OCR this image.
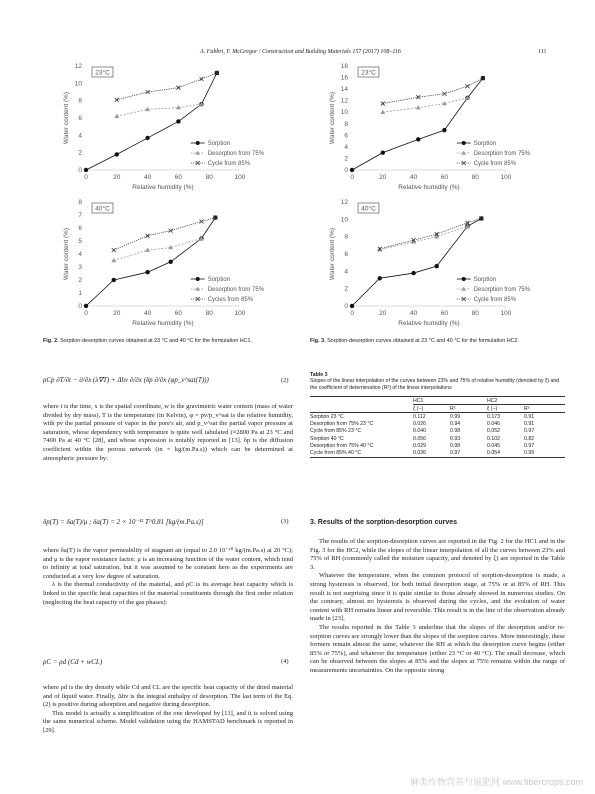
A. Fabbri, F. McGregor / Construction and Building Materials 157 (2017) 108–116	111
0
2
4
6
8
10
12
0	20	40	60	80	100
Relative humidity (%)
Water content (%)
23°C
Sorption
Desorption from 75%
Cycle from 85%
0
2
4
6
8
10
12
14
16
18
0	20	40	60	80	100
Relative humidity (%)
Water content (%)
23°C
Sorption
Desorption from 75%
Cycle from 85%
0
1
2
3
4
5
6
7
8
0	20	40	60	80	100
Relative humidity (%)
Water content (%)
40°C
Sorption
Desorption from 75%
Cycles from 85%
0
2
4
6
8
10
12
0	20	40	60	80	100
Relative humidity (%)
Water content (%)
40°C
Sorption
Desorption from 75%
Cycle from 85%
Fig. 2. Sorption-desorption curves obtained at 23 °C and 40 °C for the formulation HC1.	Fig. 3. Sorption-desorption curves obtained at 23 °C and 40 °C for the formulation HC2.
ρCp ∂T/∂t − ∂/∂x (λ∇T) + Δhv ∂/∂x (δp ∂/∂x (φp_v^sat(T)))	(2)

where t is the time, x is the spatial coordinate, w is the gravimetric water content (mass of water divided by dry mass), T is the temperature (in Kelvin), φ = pv/p_v^sat is the relative humidity, with pv the partial pressure of vapor in the pore's air, and p_v^sat the partial vapor pressure at saturation, whose dependency with temperature is quite well tabulated (≈2800 Pa at 23 °C and 7400 Pa at 40 °C [28], and whose expression is notably reported in [13]. δp is the diffusion coefficient within the porous network (in = kg/(m.Pa.s)) which can be determined at atmospheric pressure by:

δp(T) = δa(T)/μ ; δa(T) = 2 × 10⁻¹² T^0.81 [kg/(m.Pa.s)]	(3)

where δa(T) is the vapor permeability of stagnant air (equal to 2.0 10⁻¹⁰ kg/(m.Pa.s) at 20 °C); and μ is the vapor resistance factor. μ is an increasing function of the water content, which tend to infinity at total saturation, but it was assumed to be constant here as the experiments are conducted at a very low degree of saturation.

λ is the thermal conductivity of the material, and ρC is its average heat capacity which is linked to the specific heat capacities of the material constituents through the first order relation (neglecting the heat capacity of the gas phases):

ρC = ρd (Cd + wCL)	(4)

where ρd is the dry density while Cd and CL are the specific heat capacity of the dried material and of liquid water. Finally, Δhv is the integral enthalpy of desorption. The last term of the Eq. (2) is positive during adsorption and negative during desorption.

This model is actually a simplification of the one developed by [13], and it is solved using the same numerical scheme. Model validation using the HAMSTAD benchmark is reported in [29].

Table 3
Slopes of the linear interpolation of the curves between 23% and 75% of relative humidity (denoted by ξ) and the coefficient of determination (R²) of the linear interpolations
	HC1		HC2	
	ξ (−)	R²	ξ (−)	R²
Sorption 23 °C	0.112	0.99	0.173	0.91
Desorption from 75% 23 °C	0.026	0.94	0.046	0.91
Cycle from 85% 23 °C	0.040	0.98	0.052	0.97
Sorption 40 °C	0.056	0.93	0.102	0.82
Desorption from 75% 40 °C	0.029	0.98	0.045	0.97
Cycle from 85% 40 °C	0.036	0.97	0.054	0.99
3. Results of the sorption-desorption curves

The results of the sorption-desorption curves are reported in the Fig. 2 for the HC1 and in the Fig. 3 for the HC2, while the slopes of the linear interpolation of all the curves between 23% and 75% of RH (commonly called the moisture capacity, and denoted by ξ) are reported in the Table 3.

Whatever the temperature, when the common protocol of sorption-desorption is made, a strong hysteresis is observed, for both initial desorption stage, at 75% or at 85% of RH. This result is not surprising since it is quite similar to those already showed in numerous studies. On the contrary, almost no hysteresis is observed during the cycles, and the evolution of water content with RH remains linear and reversible. This result is in the line of the observation already made in [23].

The results reported in the Table 3 underline that the slopes of the desorption and/or re-sorption curves are strongly lower than the slopes of the sorption curves. More interestingly, these formers remain almost the same, whatever the RH at which the desorption curve begins (either 85% or 75%), and whatever the temperature (either 23 °C or 40 °C). The small decrease, which can be observed between the slopes at 85% and the slopes at 75% remains within the range of measurements uncertainties. On the opposite strong

麻类作物营养与施肥网 www.fibercrops.com
